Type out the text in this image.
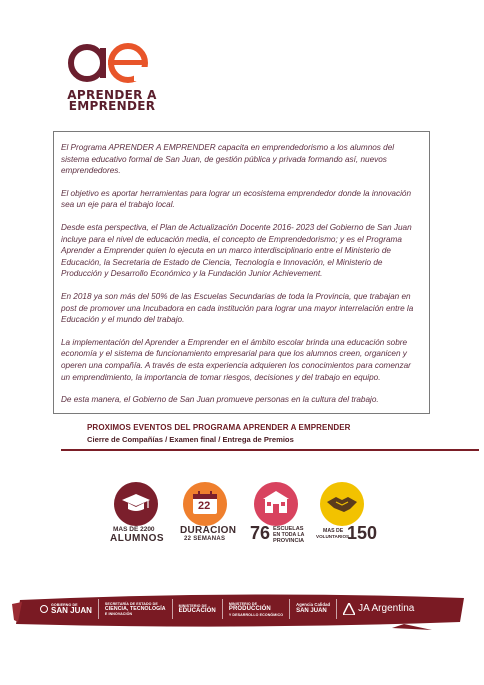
APRENDER A
EMPRENDER

El Programa APRENDER A EMPRENDER capacita en emprendedorismo a los alumnos del sistema educativo formal de San Juan, de gestión pública y privada formando así, nuevos emprendedores.

El objetivo es aportar herramientas para lograr un ecosistema emprendedor donde la innovación sea un eje para el trabajo local.

Desde esta perspectiva, el Plan de Actualización Docente 2016- 2023 del Gobierno de San Juan incluye para el nivel de educación media, el concepto de Emprendedorismo; y es el Programa Aprender a Emprender quien lo ejecuta en un marco interdisciplinario entre el Ministerio de Educación, la Secretaria de Estado de Ciencia, Tecnología e Innovación, el Ministerio de Producción y Desarrollo Económico y la Fundación Junior Achievement.

En 2018 ya son más del 50% de las Escuelas Secundarias de toda la Provincia, que trabajan en post de promover una Incubadora en cada institución para lograr una mayor interrelación entre la Educación y el mundo del trabajo.

La implementación del Aprender a Emprender en el ámbito escolar brinda una educación sobre economía y el sistema de funcionamiento empresarial para que los alumnos creen, organicen y operen una compañía. A través de esta experiencia adquieren los conocimientos para comenzar un emprendimiento, la importancia de tomar riesgos, decisiones y del trabajo en equipo.

De esta manera, el Gobierno de San Juan promueve personas en la cultura del trabajo.

PROXIMOS EVENTOS DEL PROGRAMA APRENDER A EMPRENDER
Cierre de Compañías / Examen final / Entrega de Premios
MAS DE 2200
ALUMNOS
22
DURACION
22 SEMANAS 76 ESCUELAS
EN TODA LA
PROVINCIA
MAS DE
VOLUNTARIOS
150
GOBIERNO DE
SAN JUAN
SECRETARÍA DE ESTADO DE
CIENCIA, TECNOLOGÍA
E INNOVACIÓN
MINISTERIO DE
EDUCACIÓN
MINISTERIO DE
PRODUCCIÓN
Y DESARROLLO ECONÓMICO
Agencia Calidad
SAN JUAN	JA Argentina
